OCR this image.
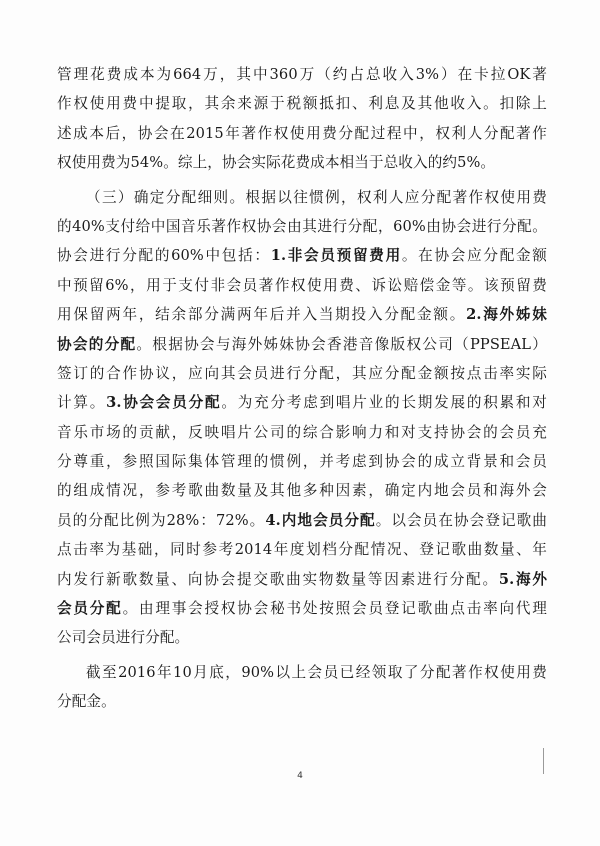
管理花费成本为664万，其中360万（约占总收入3%）在卡拉OK著
作权使用费中提取，其余来源于税额抵扣、利息及其他收入。扣除上
述成本后，协会在2015年著作权使用费分配过程中，权利人分配著作
权使用费为54%。综上，协会实际花费成本相当于总收入的约5%。
（三）确定分配细则。根据以往惯例，权利人应分配著作权使用费
的40%支付给中国音乐著作权协会由其进行分配，60%由协会进行分配。
协会进行分配的60%中包括：1.非会员预留费用。在协会应分配金额
中预留6%，用于支付非会员著作权使用费、诉讼赔偿金等。该预留费
用保留两年，结余部分满两年后并入当期投入分配金额。2.海外姊妹
协会的分配。根据协会与海外姊妹协会香港音像版权公司（PPSEAL）
签订的合作协议，应向其会员进行分配，其应分配金额按点击率实际
计算。3.协会会员分配。为充分考虑到唱片业的长期发展的积累和对
音乐市场的贡献，反映唱片公司的综合影响力和对支持协会的会员充
分尊重，参照国际集体管理的惯例，并考虑到协会的成立背景和会员
的组成情况，参考歌曲数量及其他多种因素，确定内地会员和海外会
员的分配比例为28%：72%。4.内地会员分配。以会员在协会登记歌曲
点击率为基础，同时参考2014年度划档分配情况、登记歌曲数量、年
内发行新歌数量、向协会提交歌曲实物数量等因素进行分配。5.海外
会员分配。由理事会授权协会秘书处按照会员登记歌曲点击率向代理
公司会员进行分配。
截至2016年10月底，90%以上会员已经领取了分配著作权使用费
分配金。
4
